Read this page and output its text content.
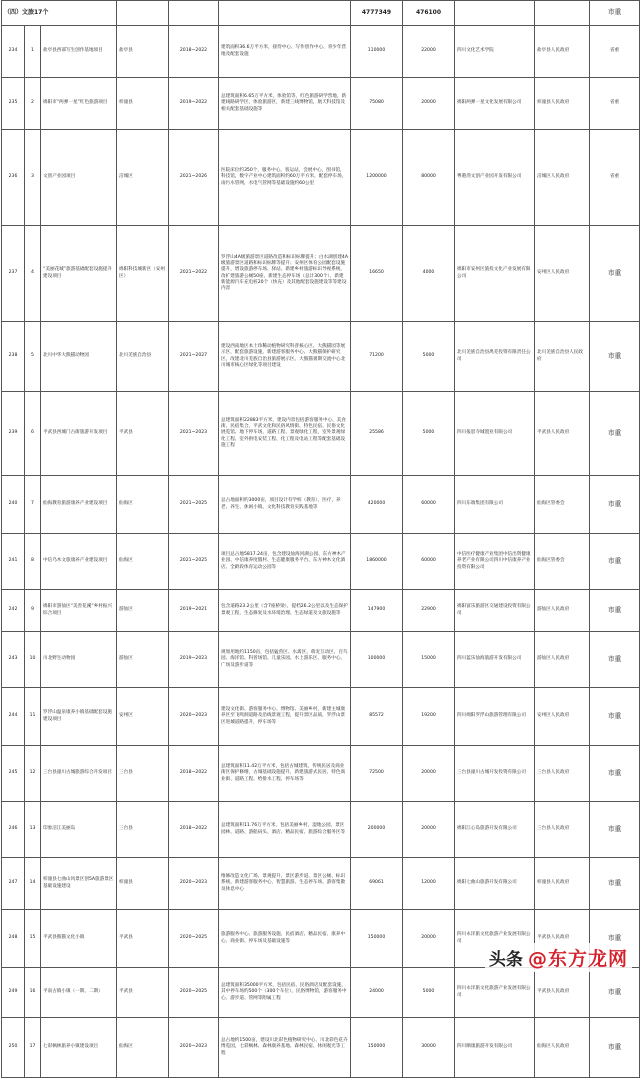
（四）文旅17个						4777349	476100			市重
234	1	盐亭县西部写生创作基地项目	盐亭县	2018~2022	建筑面积36.6万平方米，接待中心、写作创作中心、青少年营地及配套设施	110000	22000	四川文化艺术学院	盐亭县人民政府	省重
235	2	绵阳市“两弹一星”红色旅游项目	梓潼县	2019~2022	总建筑面积6.65万平方米，体验馆等，红色旅游研学营地，新建线路研学区，体验旅游区，新建三线博物馆，航天科技馆及相关配套基础设施等	75080	20000	绵阳两弹一星文化发展有限公司	梓潼县人民政府	省重
236	3	文创产业园项目	涪城区	2021~2026	医院床位约350个，服务中心，客运站，会展中心，图书馆，科技馆，数字产业中心建筑面积约60万平方米，配套停车场，雨污水管网，水电气管网等基础设施约60公里	1200000	80000	粤港湾文创产业园开发有限公司	涪城区人民政府	省重
237	4	“美丽花城”旅游基础配套设施提升建设项目	绵阳科技城新区（安州区）	2021~2022	罗浮山4A级旅游景区道路改造和标识标牌提升；白水湖创建4A级旅游景区道路和标识标牌等提升；安州区体育公园配套设施提升，增设旅游停车场、驿站、新建乡村旅游标识导视系统，改扩建旅游公厕50座，新建生态停车场（总计300个），新建新能源汽车充电桩20个（快充）及其他配套设施建设等等建设内容	16650	4000	绵阳市安州区旅投文化产业发展有限公司	安州区人民政府	市重
238	5	北川中华大熊猫动物园	北川羌族自治县	2021~2027	建设西南地区本土珍稀动植物研究科普核心区、大熊猫园等展示区，配套旅游设施，新建游客服务中心、大熊猫保护研究区，改建北川羌族自治县旅游展示区、大熊猫暑期交流中心北川城市核心区绿化等项目建设	71200	5000	北川羌族自治县禹羌投资有限责任公司	北川羌族自治县人民政府	市重
239	6	平武县西城门古街旅游开发项目	平武县	2021~2023	总建筑面积22883平方米，建设内容包括游客服务中心、美食街、民宿集合、平武文化和民俗风情街、特色民宿、民俗文化展览馆、地下停车场，道路工程、景观绿化工程，室外景观绿化工程、室外供电安装工程、化工程及电站工程等配套基础设施工程	25586	5000	四川报恩寺城置业有限公司	平武县人民政府	市重
240	7	仙海教育旅游康养产业建设项目	仙海区	2021~2025	总占地面积约3000亩，项目设计有学校（教育）、医疗、养老、养生、休闲小镇、文化科技教育实践基地等	420000	60000	四川东端集团有限公司	仙海区管委会	市重
241	8	中信乌木文旅康养产业建设项目	仙海区	2021~2025	项目总占地5817.24亩，包含建设仙海河湖公园、东方神木产业园、中信康养度假村、生态健康服务平台、东方神木文化酒店、全龄段体育运动公园等	1860000	60000	中信医疗健康产业集团中信出资健康养老产业有限公司四川中信康养产业投资有限公司	仙海区管委会	市重
242	9	绵阳市游仙区“美善花溪”乡村振兴综合项目	游仙区	2019~2021	包含道路23.2公里（含7座桥梁），提档26.2公里以及生态保护景观工程，生态修复及水环境治理、生态绿道及文旅设施等	147900	22900	绵阳富乐旅游区交通建设投资有限公司	游仙区人民政府	市重
243	10	川北野生动物园	游仙区	2019~2023	规划用地约1150亩，包括猛兽区、水禽区、萌宠互动区、百鸟园、海洋馆、科普场馆、儿童乐园、水上游乐区、服务中心、广场及游步道等	100000	15000	四川蓝乐仙海旅游开发有限公司	游仙区人民政府	市重
244	11	罗浮山温泉康养小镇基础配套设施建设项目	安州区	2020~2023	建设文化街、游客服务中心、博物馆、美丽乡村，新建主城康养区至飞鸣洞道路及沿线景观工程，提升景区品质，罗浮山景区进城道路提升，停车场等	85572	19200	四川绵阳罗浮山旅游管理有限公司	安州区人民政府	市重
245	12	三台县潼川古城旅游综合开发项目	三台县	2018~2022	总建筑面积11.42万平方米，包括古城建筑、传统民居及商业街区保护修缮，古城基础设施提升，新建旅游式民居、特色商业街、道路工程、给排水工程、停车场等	72500	20000	三台县潼川古城开发投资有限公司	三台县人民政府	市重
246	13	印象涪江美丽岛	三台县	2018~2022	总建筑面积11.76万平方米，包括美丽乡村，湿地公园、景区园林、道路、游船码头、酒店、精品民宿、旅游综合服务区等	200000	20000	绵阳江心岛旅游开发有限公司	三台县人民政府	市重
247	14	梓潼县七曲山风景区创5A旅游景区基础设施建设	梓潼县	2020~2023	维修改造文化广场、景观提升，景区游步道、景区公厕、标识系统，新建游客服务中心，智慧旅游、生态停车场、游客集散及休息中心	69061	12000	绵阳七曲山旅游开发有限公司	梓潼县人民政府	市重
248	15	平武县熊猫文化小镇	平武县	2020~2025	旅游服务中心、旅游服务设施、民宿酒店、精品民宿、康养中心、商业街、停车场及基础设施等	150000	20000	四川永洋旅文化旅游产业发展有限公司	平武县人民政府	市重
249	16	平南古镇小镇（一期、二期）	平武县	2020~2025	总建筑面积35000平方米，包括民宿、民俗酒店及配套设施，其中停车场约500个（300个车位），民俗博物馆，游客服务中心、游步道、管网等附属工程	24000	5000	四川永洋旅文化旅游产业发展有限公司	平武县人民政府	市重
250	17	七彩枫林旅养小镇建设项目	仙海区	2020~2023	总占地约1500亩，建设川北彩色植物研究中心、川北彩色花卉博览园，七彩枫林、森林康养基地、森林民宿、休闲观光等工程	150000	30000	四川顺康旅游开发有限公司	仙海区人民政府	市重
头条 @东方龙网
